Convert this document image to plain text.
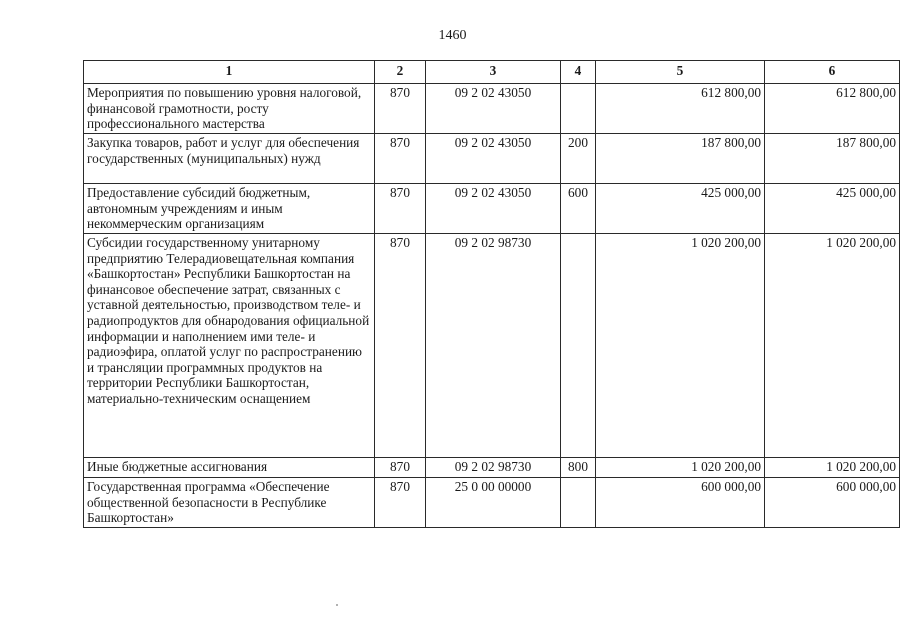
1460
1	2	3	4	5	6
Мероприятия по повышению уровня налоговой, финансовой грамотности, росту профессионального мастерства	870	09 2 02 43050		612 800,00	612 800,00
Закупка товаров, работ и услуг для обеспечения государственных (муниципальных) нужд	870	09 2 02 43050	200	187 800,00	187 800,00
Предоставление субсидий бюджетным, автономным учреждениям и иным некоммерческим организациям	870	09 2 02 43050	600	425 000,00	425 000,00
Субсидии государственному унитарному предприятию Телерадиовещательная компания «Башкортостан» Республики Башкортостан на финансовое обеспечение затрат, связанных с уставной деятельностью, производством теле- и радиопродуктов для обнародования официальной информации и наполнением ими теле- и радиоэфира, оплатой услуг по распространению и трансляции программных продуктов на территории Республики Башкортостан, материально-техническим оснащением	870	09 2 02 98730		1 020 200,00	1 020 200,00
Иные бюджетные ассигнования	870	09 2 02 98730	800	1 020 200,00	1 020 200,00
Государственная программа «Обеспечение общественной безопасности в Республике Башкортостан»	870	25 0 00 00000		600 000,00	600 000,00
